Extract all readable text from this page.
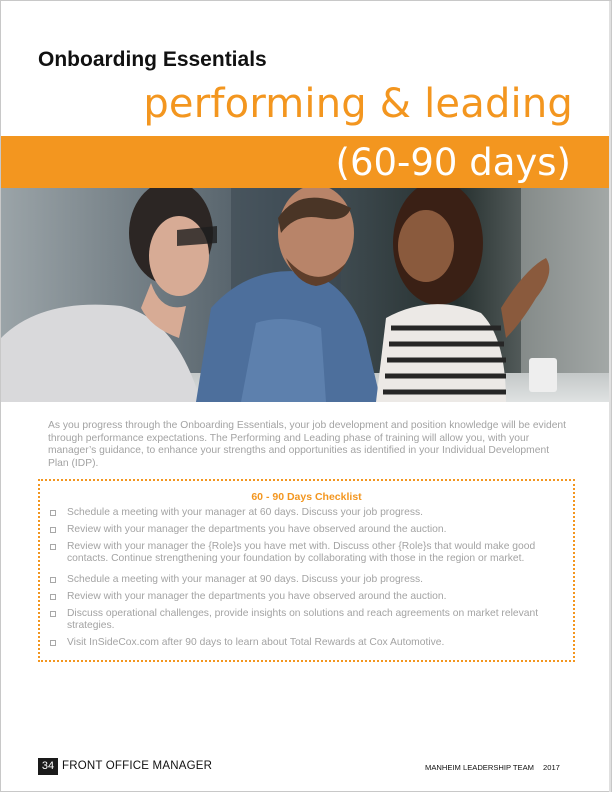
Onboarding Essentials
performing & leading
(60-90 days)
As you progress through the Onboarding Essentials, your job development and position knowledge will be evident through performance expectations. The Performing and Leading phase of training will allow you, with your manager’s guidance, to enhance your strengths and opportunities as identified in your Individual Development Plan (IDP).
60 - 90 Days Checklist
Schedule a meeting with your manager at 60 days. Discuss your job progress.
Review with your manager the departments you have observed around the auction.
Review with your manager the {Role}s you have met with. Discuss other {Role}s that would make good contacts. Continue strengthening your foundation by collaborating with those in the region or market.
Schedule a meeting with your manager at 90 days. Discuss your job progress.
Review with your manager the departments you have observed around the auction.
Discuss operational challenges, provide insights on solutions and reach agreements on market relevant strategies.
Visit InSideCox.com after 90 days to learn about Total Rewards at Cox Automotive.
34 FRONT OFFICE MANAGER	MANHEIM LEADERSHIP TEAM 2017
